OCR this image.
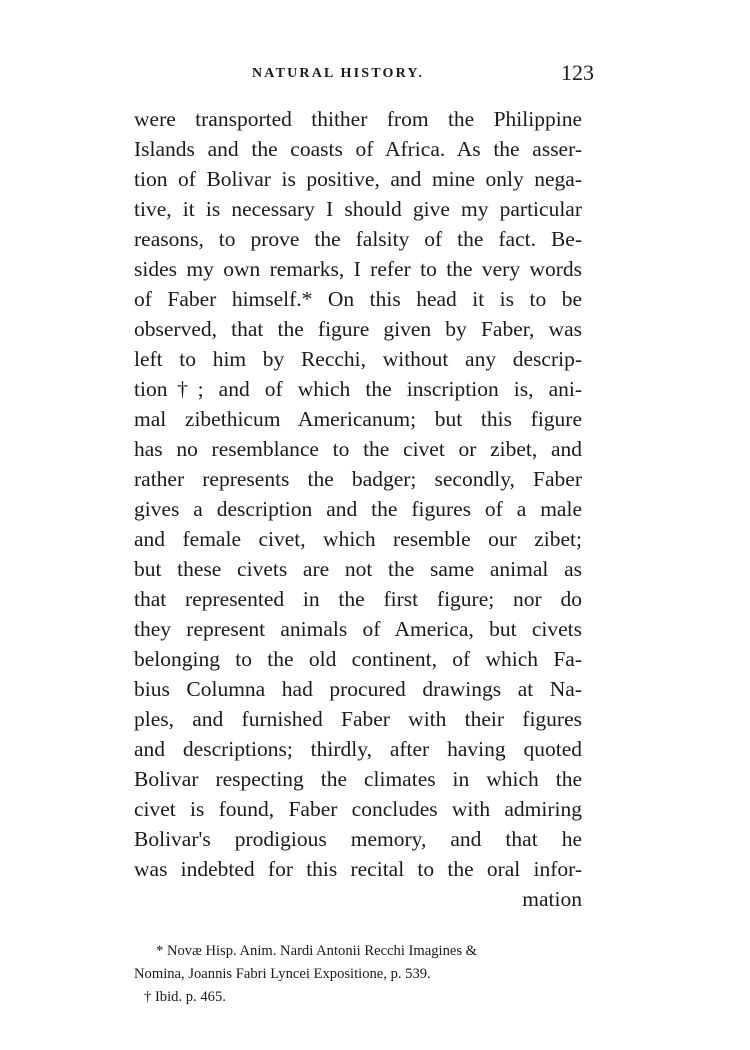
NATURAL HISTORY.	123
were transported thither from the Philippine
Islands and the coasts of Africa. As the asser-
tion of Bolivar is positive, and mine only nega-
tive, it is necessary I should give my particular
reasons, to prove the falsity of the fact. Be-
sides my own remarks, I refer to the very words
of Faber himself.* On this head it is to be
observed, that the figure given by Faber, was
left to him by Recchi, without any descrip-
tion†; and of which the inscription is, ani-
mal zibethicum Americanum; but this figure
has no resemblance to the civet or zibet, and
rather represents the badger; secondly, Faber
gives a description and the figures of a male
and female civet, which resemble our zibet;
but these civets are not the same animal as
that represented in the first figure; nor do
they represent animals of America, but civets
belonging to the old continent, of which Fa-
bius Columna had procured drawings at Na-
ples, and furnished Faber with their figures
and descriptions; thirdly, after having quoted
Bolivar respecting the climates in which the
civet is found, Faber concludes with admiring
Bolivar's prodigious memory, and that he
was indebted for this recital to the oral infor-
mation
* Novæ Hisp. Anim. Nardi Antonii Recchi Imagines &
Nomina, Joannis Fabri Lyncei Expositione, p. 539.
† Ibid. p. 465.
